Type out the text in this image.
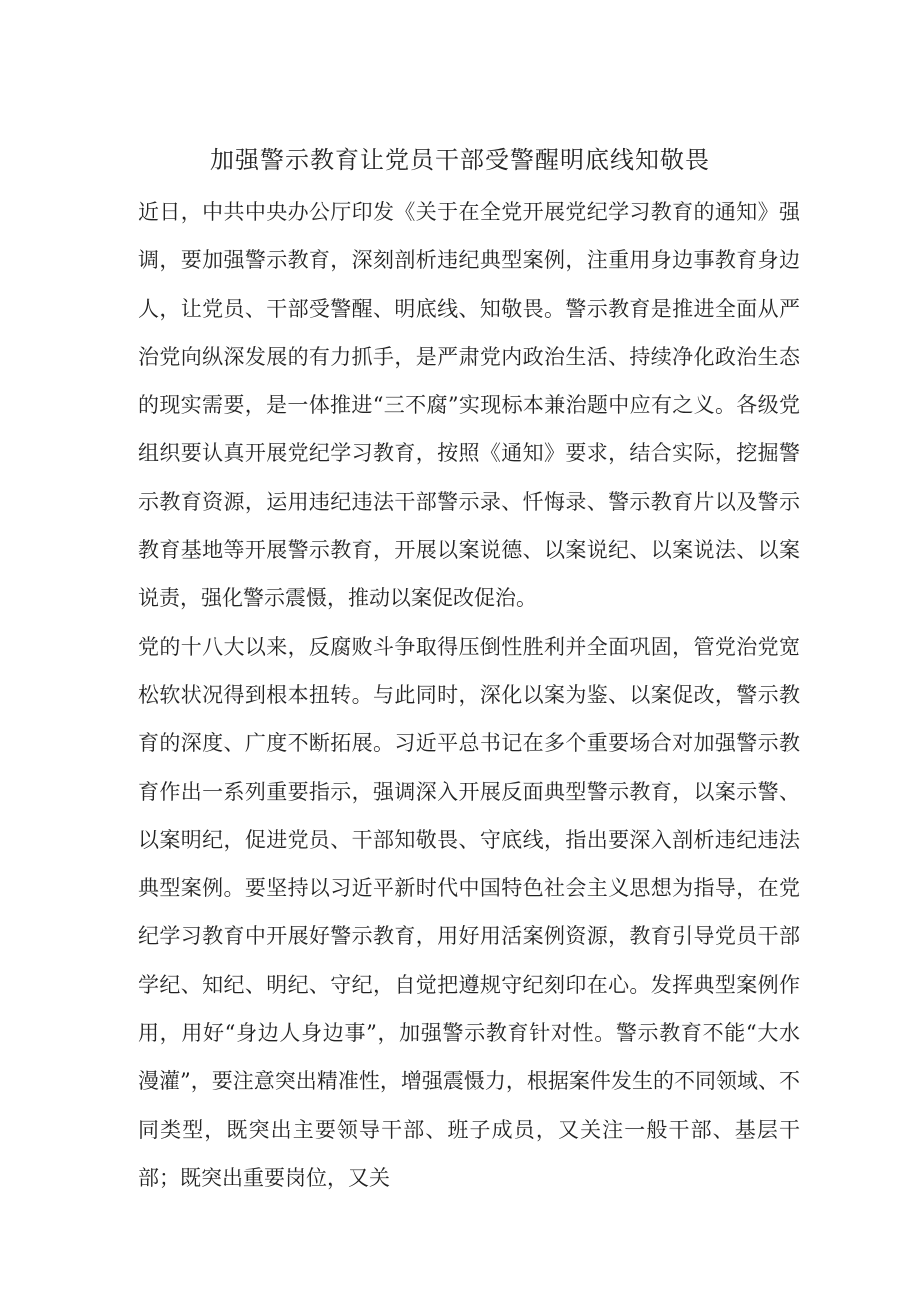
加强警示教育让党员干部受警醒明底线知敬畏

近日，中共中央办公厅印发《关于在全党开展党纪学习教育的通知》强调，要加强警示教育，深刻剖析违纪典型案例，注重用身边事教育身边人，让党员、干部受警醒、明底线、知敬畏。警示教育是推进全面从严治党向纵深发展的有力抓手，是严肃党内政治生活、持续净化政治生态的现实需要，是一体推进“三不腐”实现标本兼治题中应有之义。各级党组织要认真开展党纪学习教育，按照《通知》要求，结合实际，挖掘警示教育资源，运用违纪违法干部警示录、忏悔录、警示教育片以及警示教育基地等开展警示教育，开展以案说德、以案说纪、以案说法、以案说责，强化警示震慑，推动以案促改促治。

党的十八大以来，反腐败斗争取得压倒性胜利并全面巩固，管党治党宽松软状况得到根本扭转。与此同时，深化以案为鉴、以案促改，警示教育的深度、广度不断拓展。习近平总书记在多个重要场合对加强警示教育作出一系列重要指示，强调深入开展反面典型警示教育，以案示警、以案明纪，促进党员、干部知敬畏、守底线，指出要深入剖析违纪违法典型案例。要坚持以习近平新时代中国特色社会主义思想为指导，在党纪学习教育中开展好警示教育，用好用活案例资源，教育引导党员干部学纪、知纪、明纪、守纪，自觉把遵规守纪刻印在心。发挥典型案例作用，用好“身边人身边事”，加强警示教育针对性。警示教育不能“大水漫灌”，要注意突出精准性，增强震慑力，根据案件发生的不同领域、不同类型，既突出主要领导干部、班子成员，又关注一般干部、基层干部；既突出重要岗位，又关
